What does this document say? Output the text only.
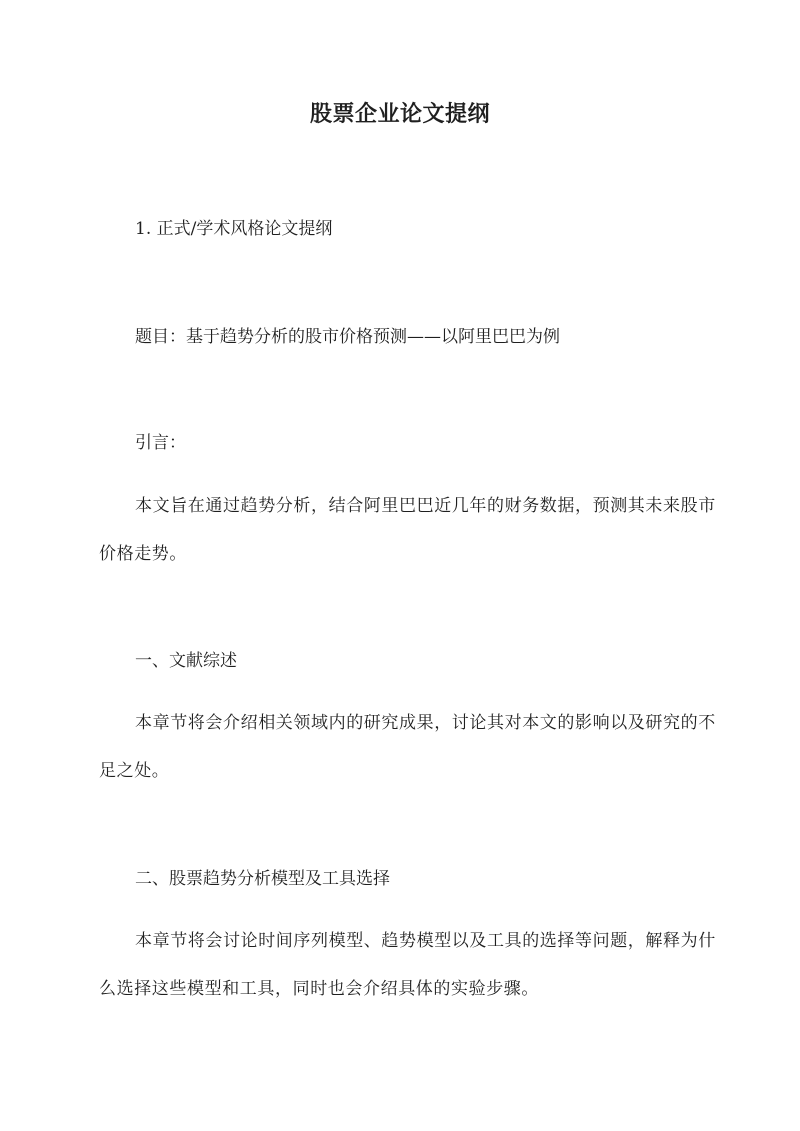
股票企业论文提纲
1. 正式/学术风格论文提纲
题目：基于趋势分析的股市价格预测——以阿里巴巴为例
引言：
本文旨在通过趋势分析，结合阿里巴巴近几年的财务数据，预测其未来股市价格走势。
一、文献综述
本章节将会介绍相关领域内的研究成果，讨论其对本文的影响以及研究的不足之处。
二、股票趋势分析模型及工具选择
本章节将会讨论时间序列模型、趋势模型以及工具的选择等问题，解释为什么选择这些模型和工具，同时也会介绍具体的实验步骤。
